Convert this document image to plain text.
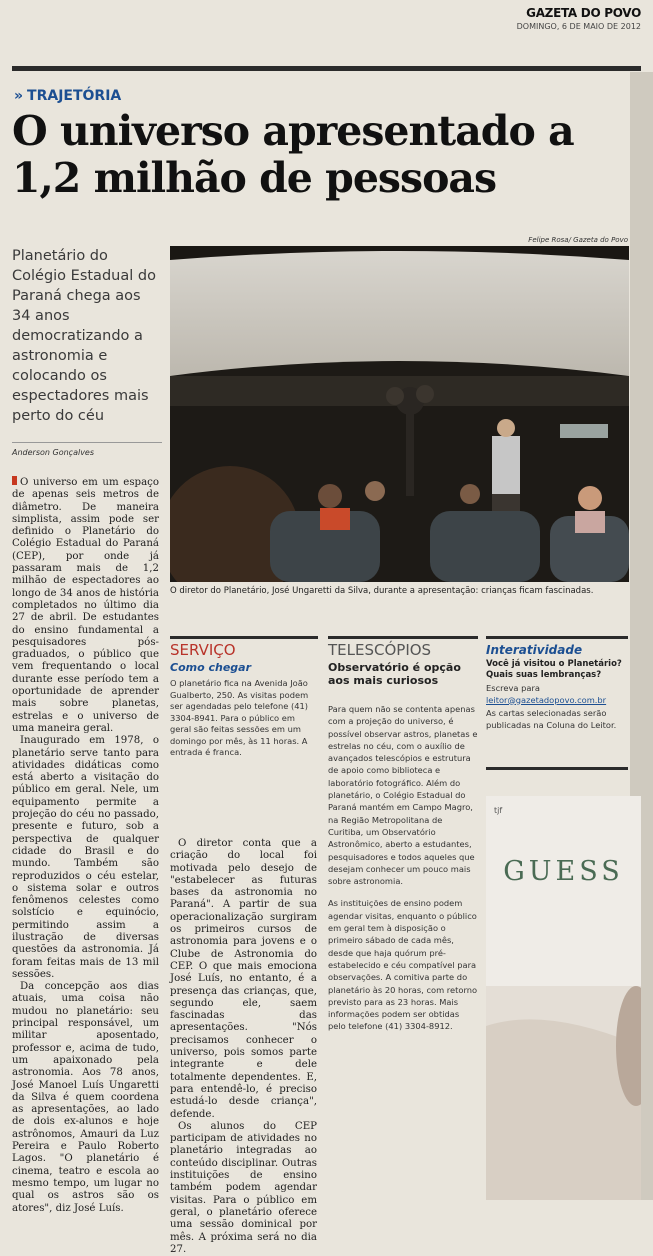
GAZETA DO POVO
DOMINGO, 6 DE MAIO DE 2012
» TRAJETÓRIA
O universo apresentado a 1,2 milhão de pessoas
Planetário do Colégio Estadual do Paraná chega aos 34 anos democratizando a astronomia e colocando os espectadores mais perto do céu
Felipe Rosa/ Gazeta do Povo
O diretor do Planetário, José Ungaretti da Silva, durante a apresentação: crianças ficam fascinadas.
Anderson Gonçalves

O universo em um espaço de apenas seis metros de diâmetro. De maneira simplista, assim pode ser definido o Planetário do Colégio Estadual do Paraná (CEP), por onde já passaram mais de 1,2 milhão de espectadores ao longo de 34 anos de história completados no último dia 27 de abril. De estudantes do ensino fundamental a pesquisadores pós-graduados, o público que vem frequentando o local durante esse período tem a oportunidade de aprender mais sobre planetas, estrelas e o universo de uma maneira geral.

Inaugurado em 1978, o planetário serve tanto para atividades didáticas como está aberto a visitação do público em geral. Nele, um equipamento permite a projeção do céu no passado, presente e futuro, sob a perspectiva de qualquer cidade do Brasil e do mundo. Também são reproduzidos o céu estelar, o sistema solar e outros fenômenos celestes como solstício e equinócio, permitindo assim a ilustração de diversas questões da astronomia. Já foram feitas mais de 13 mil sessões.

Da concepção aos dias atuais, uma coisa não mudou no planetário: seu principal responsável, um militar aposentado, professor e, acima de tudo, um apaixonado pela astronomia. Aos 78 anos, José Manoel Luís Ungaretti da Silva é quem coordena as apresentações, ao lado de dois ex-alunos e hoje astrônomos, Amauri da Luz Pereira e Paulo Roberto Lagos. "O planetário é cinema, teatro e escola ao mesmo tempo, um lugar no qual os astros são os atores", diz José Luís.

SERVIÇO
Como chegar
O planetário fica na Avenida João Gualberto, 250. As visitas podem ser agendadas pelo telefone (41) 3304-8941. Para o público em geral são feitas sessões em um domingo por mês, às 11 horas. A entrada é franca.

O diretor conta que a criação do local foi motivada pelo desejo de "estabelecer as futuras bases da astronomia no Paraná". A partir de sua operacionalização surgiram os primeiros cursos de astronomia para jovens e o Clube de Astronomia do CEP. O que mais emociona José Luís, no entanto, é a presença das crianças, que, segundo ele, saem fascinadas das apresentações. "Nós precisamos conhecer o universo, pois somos parte integrante e dele totalmente dependentes. E, para entendê-lo, é preciso estudá-lo desde criança", defende.

Os alunos do CEP participam de atividades no planetário integradas ao conteúdo disciplinar. Outras instituições de ensino também podem agendar visitas. Para o público em geral, o planetário oferece uma sessão dominical por mês. A próxima será no dia 27.

TELESCÓPIOS
Observatório é opção aos mais curiosos
Para quem não se contenta apenas com a projeção do universo, é possível observar astros, planetas e estrelas no céu, com o auxílio de avançados telescópios e estrutura de apoio como biblioteca e laboratório fotográfico. Além do planetário, o Colégio Estadual do Paraná mantém em Campo Magro, na Região Metropolitana de Curitiba, um Observatório Astronômico, aberto a estudantes, pesquisadores e todos aqueles que desejam conhecer um pouco mais sobre astronomia.
As instituições de ensino podem agendar visitas, enquanto o público em geral tem à disposição o primeiro sábado de cada mês, desde que haja quórum pré-estabelecido e céu compatível para observações. A comitiva parte do planetário às 20 horas, com retorno previsto para as 23 horas. Mais informações podem ser obtidas pelo telefone (41) 3304-8912.
Interatividade
Você já visitou o Planetário? Quais suas lembranças?
Escreva para
leitor@gazetadopovo.com.br
As cartas selecionadas serão publicadas na Coluna do Leitor.
tjf
GUESS
